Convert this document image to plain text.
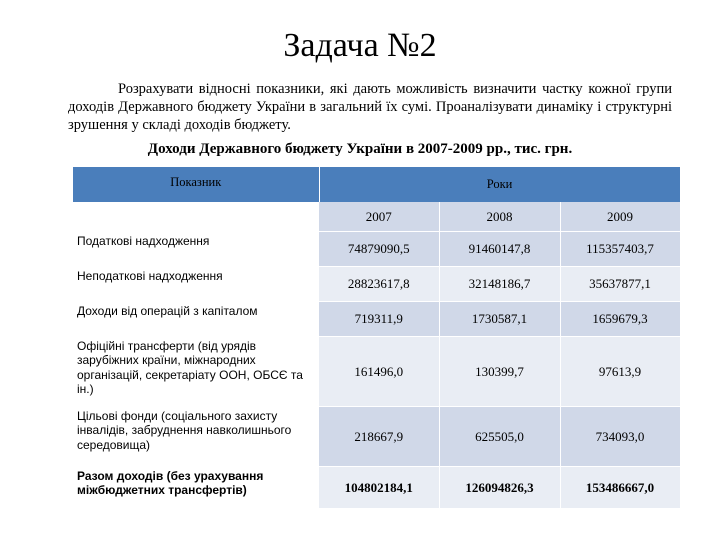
Задача №2
Розрахувати відносні показники, які дають можливість визначити частку кожної групи доходів Державного бюджету України в загальний їх сумі. Проаналізувати динаміку і структурні зрушення у складі доходів бюджету.
Доходи Державного бюджету України в 2007-2009 рр., тис. грн.
Показник	Роки		
	2007	2008	2009
Податкові надходження	74879090,5	91460147,8	115357403,7
Неподаткові надходження	28823617,8	32148186,7	35637877,1
Доходи від операцій з капіталом	719311,9	1730587,1	1659679,3
Офіційні трансферти (від урядів зарубіжних країни, міжнародних організацій, секретаріату ООН, ОБСЄ та ін.)	161496,0	130399,7	97613,9
Цільові фонди (соціального захисту інвалідів, забруднення навколишнього середовища)	218667,9	625505,0	734093,0
Разом доходів (без урахування міжбюджетних трансфертів)	104802184,1	126094826,3	153486667,0
